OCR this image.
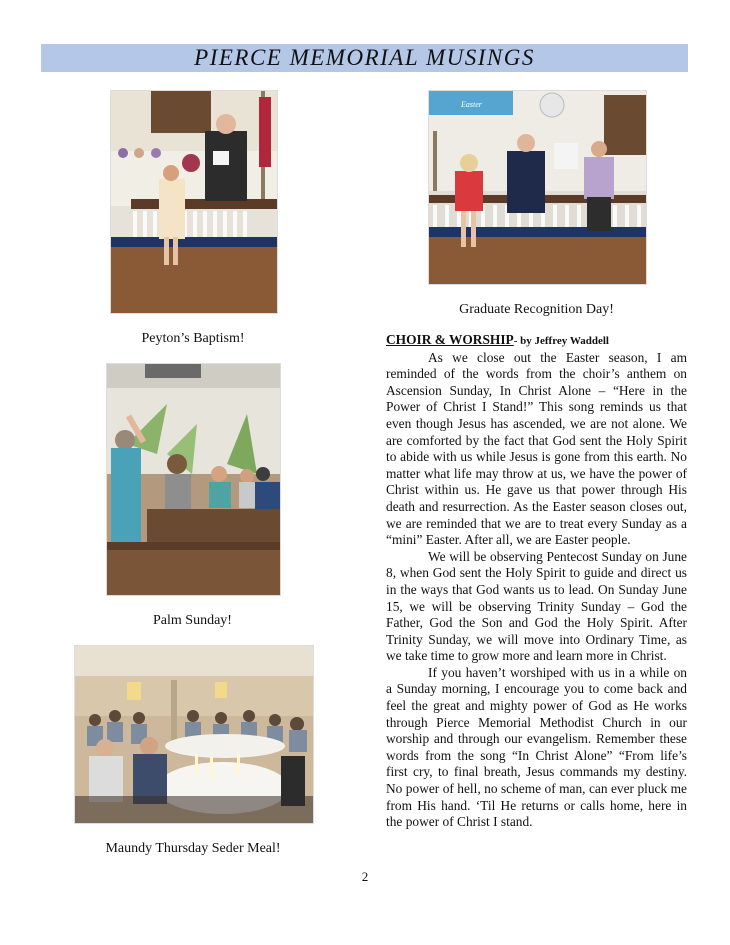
PIERCE MEMORIAL MUSINGS
Peyton’s Baptism!
Easter
Graduate Recognition Day!
Palm Sunday!
Maundy Thursday Seder Meal!
CHOIR & WORSHIP- by Jeffrey Waddell

As we close out the Easter season, I am reminded of the words from the choir’s anthem on Ascension Sunday, In Christ Alone – “Here in the Power of Christ I Stand!” This song reminds us that even though Jesus has ascended, we are not alone. We are comforted by the fact that God sent the Holy Spirit to abide with us while Jesus is gone from this earth. No matter what life may throw at us, we have the power of Christ within us. He gave us that power through His death and resurrection. As the Easter season closes out, we are reminded that we are to treat every Sunday as a “mini” Easter. After all, we are Easter people.

We will be observing Pentecost Sunday on June 8, when God sent the Holy Spirit to guide and direct us in the ways that God wants us to lead. On Sunday June 15, we will be observing Trinity Sunday – God the Father, God the Son and God the Holy Spirit. After Trinity Sunday, we will move into Ordinary Time, as we take time to grow more and learn more in Christ.

If you haven’t worshiped with us in a while on a Sunday morning, I encourage you to come back and feel the great and mighty power of God as He works through Pierce Memorial Methodist Church in our worship and through our evangelism. Remember these words from the song “In Christ Alone” “From life’s first cry, to final breath, Jesus commands my destiny. No power of hell, no scheme of man, can ever pluck me from His hand. ‘Til He returns or calls home, here in the power of Christ I stand.

2
